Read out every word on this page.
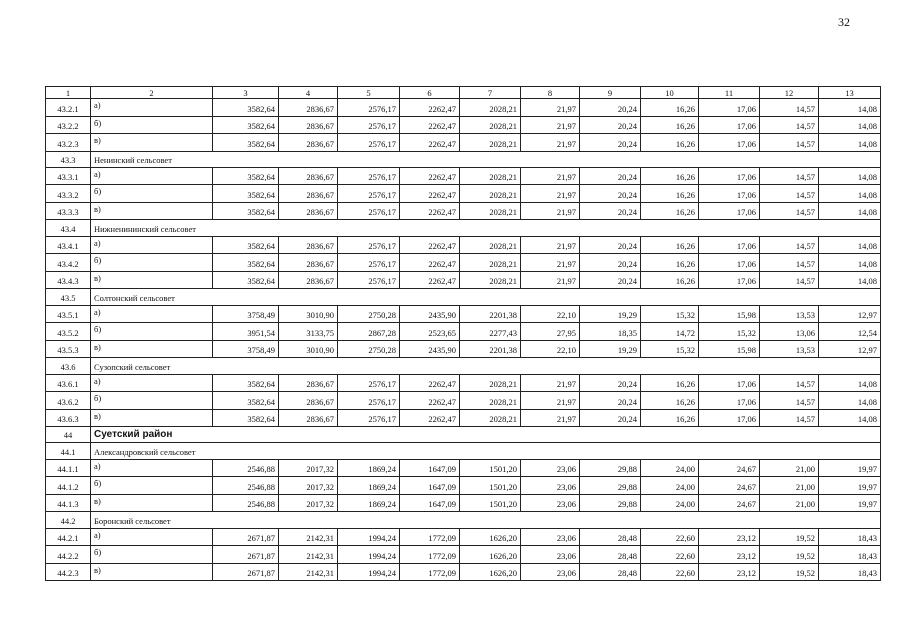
32
1	2	3	4	5	6	7	8	9	10	11	12	13
43.2.1	а)	3582,64	2836,67	2576,17	2262,47	2028,21	21,97	20,24	16,26	17,06	14,57	14,08
43.2.2	б)	3582,64	2836,67	2576,17	2262,47	2028,21	21,97	20,24	16,26	17,06	14,57	14,08
43.2.3	в)	3582,64	2836,67	2576,17	2262,47	2028,21	21,97	20,24	16,26	17,06	14,57	14,08
43.3	Ненинский сельсовет											
43.3.1	а)	3582,64	2836,67	2576,17	2262,47	2028,21	21,97	20,24	16,26	17,06	14,57	14,08
43.3.2	б)	3582,64	2836,67	2576,17	2262,47	2028,21	21,97	20,24	16,26	17,06	14,57	14,08
43.3.3	в)	3582,64	2836,67	2576,17	2262,47	2028,21	21,97	20,24	16,26	17,06	14,57	14,08
43.4	Нижненининский сельсовет											
43.4.1	а)	3582,64	2836,67	2576,17	2262,47	2028,21	21,97	20,24	16,26	17,06	14,57	14,08
43.4.2	б)	3582,64	2836,67	2576,17	2262,47	2028,21	21,97	20,24	16,26	17,06	14,57	14,08
43.4.3	в)	3582,64	2836,67	2576,17	2262,47	2028,21	21,97	20,24	16,26	17,06	14,57	14,08
43.5	Солтонский сельсовет											
43.5.1	а)	3758,49	3010,90	2750,28	2435,90	2201,38	22,10	19,29	15,32	15,98	13,53	12,97
43.5.2	б)	3951,54	3133,75	2867,28	2523,65	2277,43	27,95	18,35	14,72	15,32	13,06	12,54
43.5.3	в)	3758,49	3010,90	2750,28	2435,90	2201,38	22,10	19,29	15,32	15,98	13,53	12,97
43.6	Сузопский сельсовет											
43.6.1	а)	3582,64	2836,67	2576,17	2262,47	2028,21	21,97	20,24	16,26	17,06	14,57	14,08
43.6.2	б)	3582,64	2836,67	2576,17	2262,47	2028,21	21,97	20,24	16,26	17,06	14,57	14,08
43.6.3	в)	3582,64	2836,67	2576,17	2262,47	2028,21	21,97	20,24	16,26	17,06	14,57	14,08
44	Суетский район											
44.1	Александровский сельсовет											
44.1.1	а)	2546,88	2017,32	1869,24	1647,09	1501,20	23,06	29,88	24,00	24,67	21,00	19,97
44.1.2	б)	2546,88	2017,32	1869,24	1647,09	1501,20	23,06	29,88	24,00	24,67	21,00	19,97
44.1.3	в)	2546,88	2017,32	1869,24	1647,09	1501,20	23,06	29,88	24,00	24,67	21,00	19,97
44.2	Боронский сельсовет											
44.2.1	а)	2671,87	2142,31	1994,24	1772,09	1626,20	23,06	28,48	22,60	23,12	19,52	18,43
44.2.2	б)	2671,87	2142,31	1994,24	1772,09	1626,20	23,06	28,48	22,60	23,12	19,52	18,43
44.2.3	в)	2671,87	2142,31	1994,24	1772,09	1626,20	23,06	28,48	22,60	23,12	19,52	18,43
